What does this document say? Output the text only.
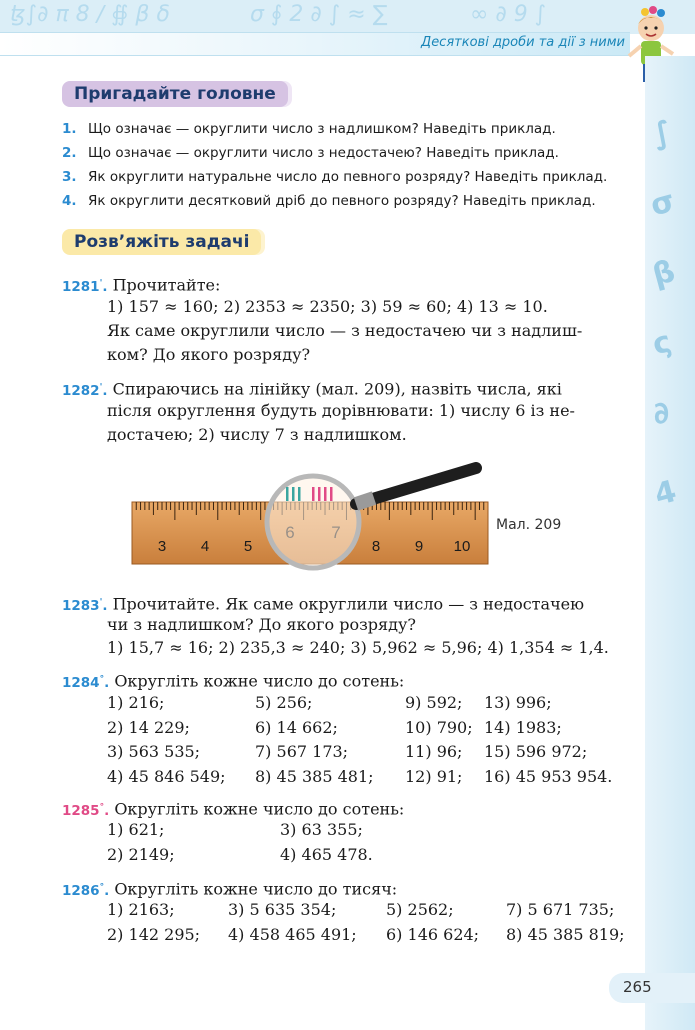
ꜩ∫∂ π 8 ∕ ∯ β δ	σ ∮ 2 ∂ ∫ ≈ ∑	∞ ∂ 9 ∫
Десяткові дроби та дії з ними
∫
σ
β
ς
∂
4
Пригадайте головне
1. Що означає — округлити число з надлишком? Наведіть приклад.
2. Що означає — округлити число з недостачею? Наведіть приклад.
3. Як округлити натуральне число до певного розряду? Наведіть приклад.
4. Як округлити десятковий дріб до певного розряду? Наведіть приклад.
Розв’яжіть задачі
1281'. Прочитайте:
1) 157 ≈ 160; 2) 2353 ≈ 2350; 3) 59 ≈ 60; 4) 13 ≈ 10.
Як саме округлили число — з недостачею чи з надлиш-
ком? До якого розряду?
1282'. Спираючись на лінійку (мал. 209), назвіть числа, які
після округлення будуть дорівнювати: 1) числу 6 із не-
достачею; 2) числу 7 з надлишком.
3 4 5	8 9 10
Мал. 209
1283'. Прочитайте. Як саме округлили число — з недостачею
чи з надлишком? До якого розряду?
1) 15,7 ≈ 16; 2) 235,3 ≈ 240; 3) 5,962 ≈ 5,96; 4) 1,354 ≈ 1,4.
1284°. Округліть кожне число до сотень:
1) 216;
2) 14 229;
3) 563 535;
4) 45 846 549;
5) 256;
6) 14 662;
7) 567 173;
8) 45 385 481;
9) 592;
10) 790;
11) 96;
12) 91;
13) 996;
14) 1983;
15) 596 972;
16) 45 953 954.
1285°. Округліть кожне число до сотень:
1) 621;
2) 2149;
3) 63 355;
4) 465 478.
1286°. Округліть кожне число до тисяч:
1) 2163;
2) 142 295;
3) 5 635 354;
4) 458 465 491;
5) 2562;
6) 146 624;
7) 5 671 735;
8) 45 385 819;
265
